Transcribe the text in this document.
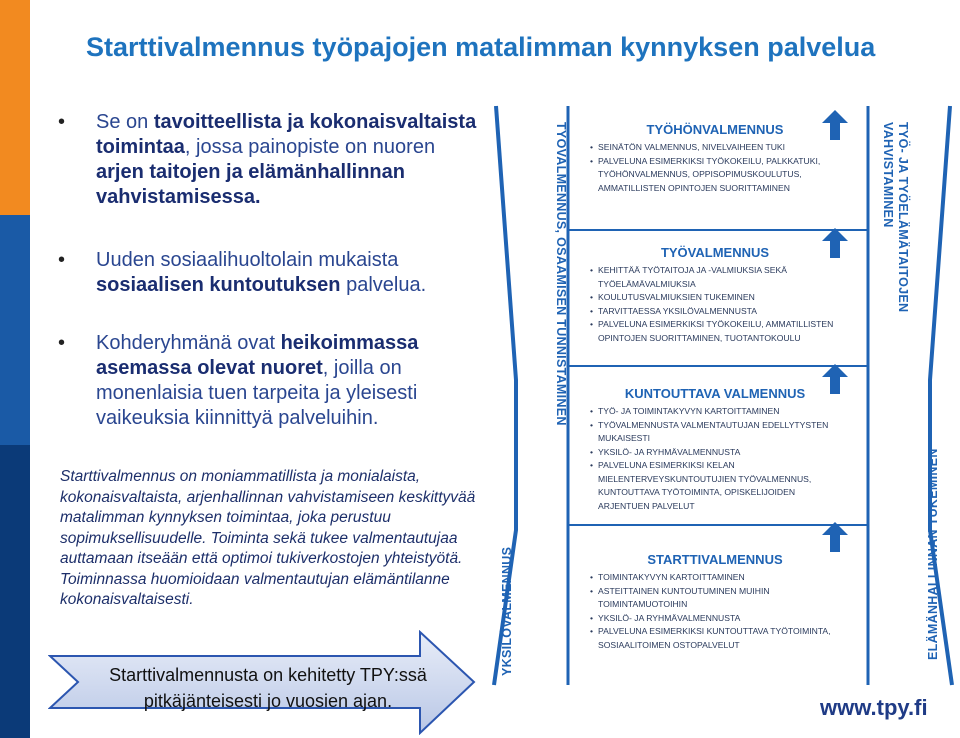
Starttivalmennus työpajojen matalimman kynnyksen palvelua
• Se on tavoitteellista ja kokonaisvaltaista toimintaa, jossa painopiste on nuoren arjen taitojen ja elämänhallinnan vahvistamisessa.
• Uuden sosiaalihuoltolain mukaista sosiaalisen kuntoutuksen palvelua.
• Kohderyhmänä ovat heikoimmassa asemassa olevat nuoret, joilla on monenlaisia tuen tarpeita ja yleisesti vaikeuksia kiinnittyä palveluihin.
Starttivalmennus on moniammatillista ja monialaista, kokonaisvaltaista, arjenhallinnan vahvistamiseen keskittyvää matalimman kynnyksen toimintaa, joka perustuu sopimuksellisuudelle. Toiminta sekä tukee valmentautujaa auttamaan itseään että optimoi tukiverkostojen yhteistyötä. Toiminnassa huomioidaan valmentautujan elämäntilanne kokonaisvaltaisesti.
Starttivalmennusta on kehitetty TPY:ssä
pitkäjänteisesti jo vuosien ajan.
YKSILÖVALMENNUS
TYÖVALMENNUS, OSAAMISEN TUNNISTAMINEN	TYÖ- JA TYÖELÄMÄTAITOJEN VAHVISTAMINEN
ELÄMÄNHALLINNAN TUKEMINEN
TYÖHÖNVALMENNUS
• SEINÄTÖN VALMENNUS, NIVELVAIHEEN TUKI
• PALVELUNA ESIMERKIKSI TYÖKOKEILU, PALKKATUKI, TYÖHÖNVALMENNUS, OPPISOPIMUSKOULUTUS, AMMATILLISTEN OPINTOJEN SUORITTAMINEN
TYÖVALMENNUS
• KEHITTÄÄ TYÖTAITOJA JA -VALMIUKSIA SEKÄ TYÖELÄMÄVALMIUKSIA
• KOULUTUSVALMIUKSIEN TUKEMINEN
• TARVITTAESSA YKSILÖVALMENNUSTA
• PALVELUNA ESIMERKIKSI TYÖKOKEILU, AMMATILLISTEN OPINTOJEN SUORITTAMINEN, TUOTANTOKOULU
KUNTOUTTAVA VALMENNUS
• TYÖ- JA TOIMINTAKYVYN KARTOITTAMINEN
• TYÖVALMENNUSTA VALMENTAUTUJAN EDELLYTYSTEN MUKAISESTI
• YKSILÖ- JA RYHMÄVALMENNUSTA
• PALVELUNA ESIMERKIKSI KELAN MIELENTERVEYSKUNTOUTUJIEN TYÖVALMENNUS, KUNTOUTTAVA TYÖTOIMINTA, OPISKELIJOIDEN ARJENTUEN PALVELUT
STARTTIVALMENNUS
• TOIMINTAKYVYN KARTOITTAMINEN
• ASTEITTAINEN KUNTOUTUMINEN MUIHIN TOIMINTAMUOTOIHIN
• YKSILÖ- JA RYHMÄVALMENNUSTA
• PALVELUNA ESIMERKIKSI KUNTOUTTAVA TYÖTOIMINTA, SOSIAALITOIMEN OSTOPALVELUT
www.tpy.fi
